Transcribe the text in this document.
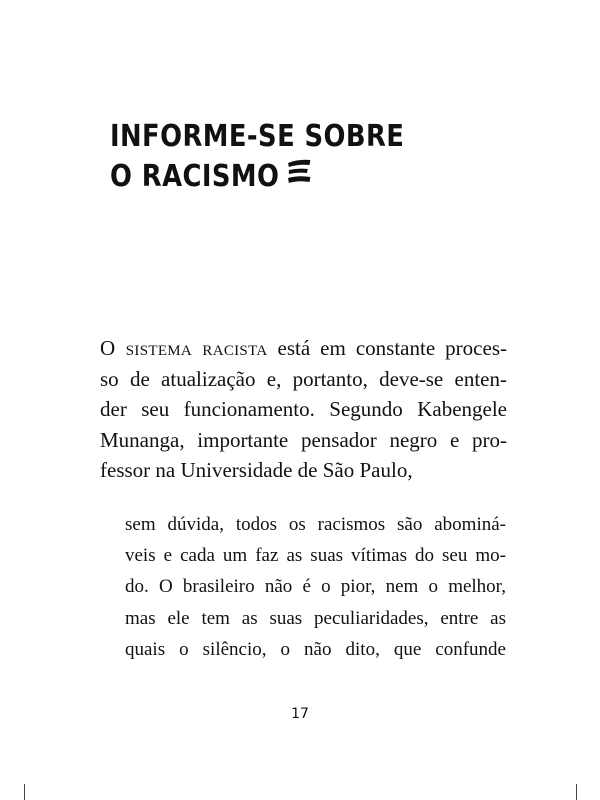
INFORME-SE SOBRE
O RACISMO
O sistema racista está em constante proces-
so de atualização e, portanto, deve-se enten-
der seu funcionamento. Segundo Kabengele
Munanga, importante pensador negro e pro-
fessor na Universidade de São Paulo,
sem dúvida, todos os racismos são abominá-
veis e cada um faz as suas vítimas do seu mo-
do. O brasileiro não é o pior, nem o melhor,
mas ele tem as suas peculiaridades, entre as
quais o silêncio, o não dito, que confunde
17
